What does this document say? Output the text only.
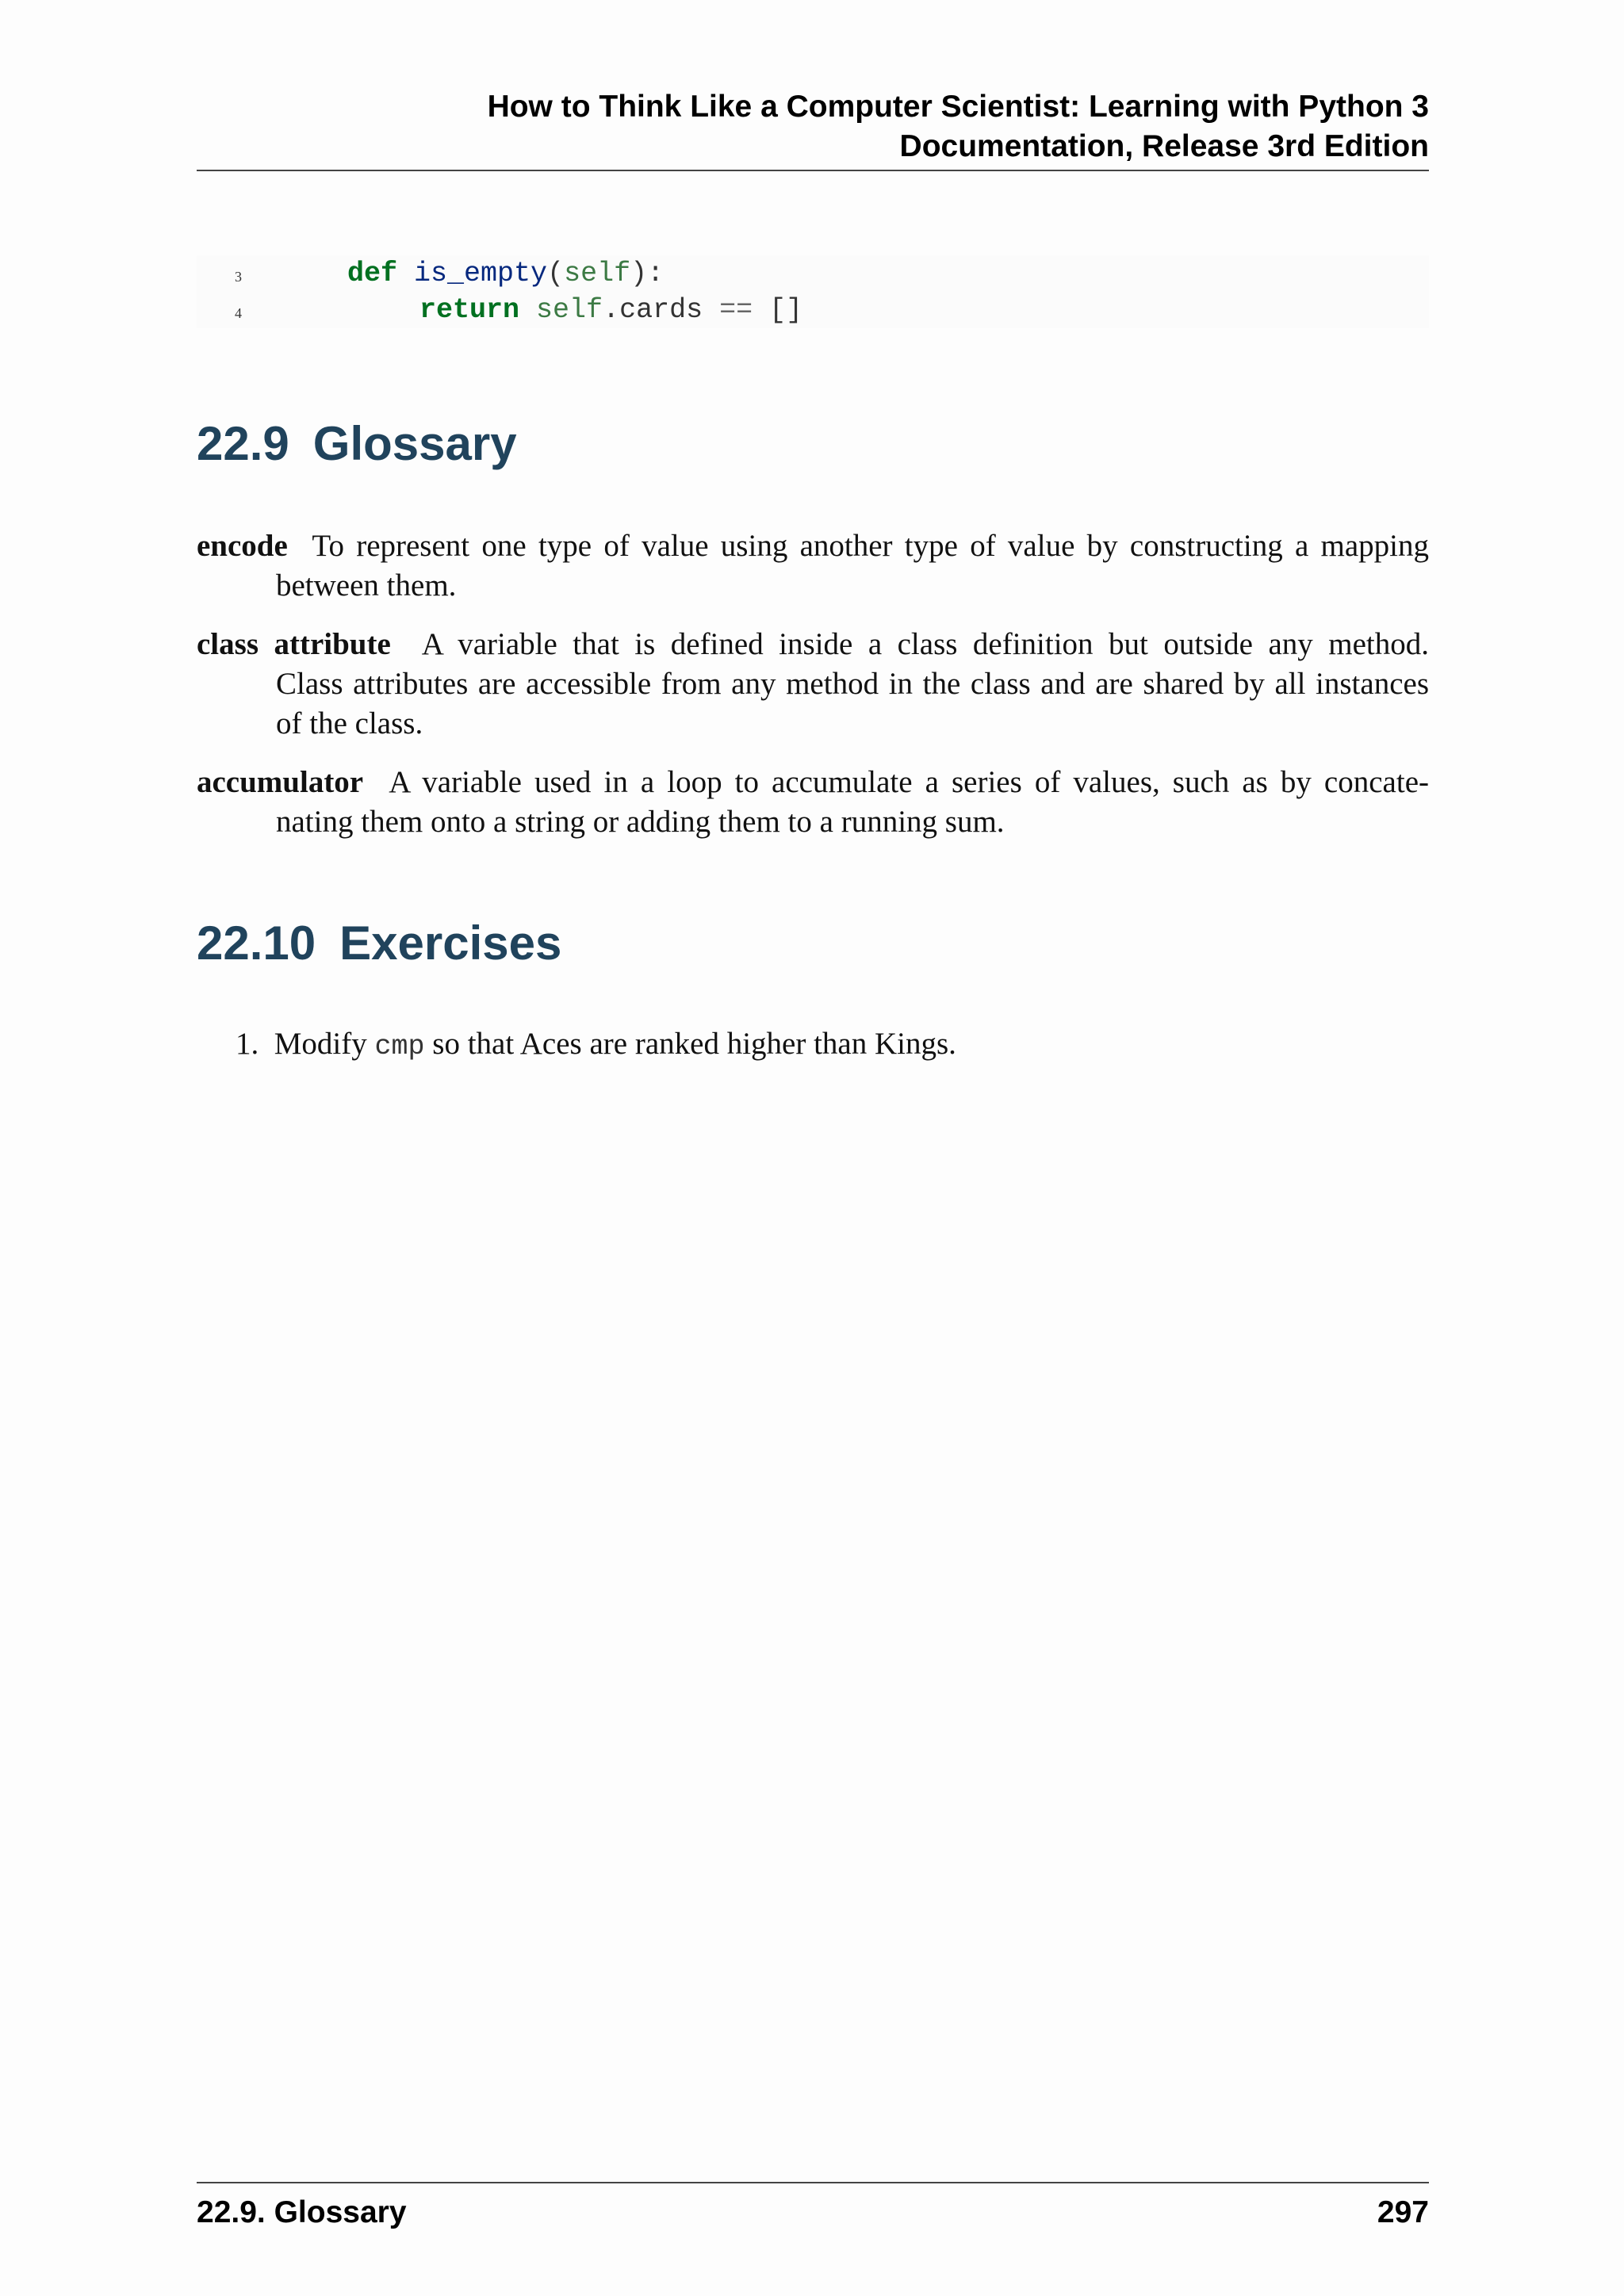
How to Think Like a Computer Scientist: Learning with Python 3
Documentation, Release 3rd Edition

3

	def is_empty(self):

4

	return self.cards == []

22.9 Glossary
encode To represent one type of value using another type of value by constructing a mapping
between them.
class attribute A variable that is defined inside a class definition but outside any method.
Class attributes are accessible from any method in the class and are shared by all instances
of the class.
accumulator A variable used in a loop to accumulate a series of values, such as by concate-
nating them onto a string or adding them to a running sum.
22.10 Exercises
1. Modify cmp so that Aces are ranked higher than Kings.
22.9. Glossary	297
